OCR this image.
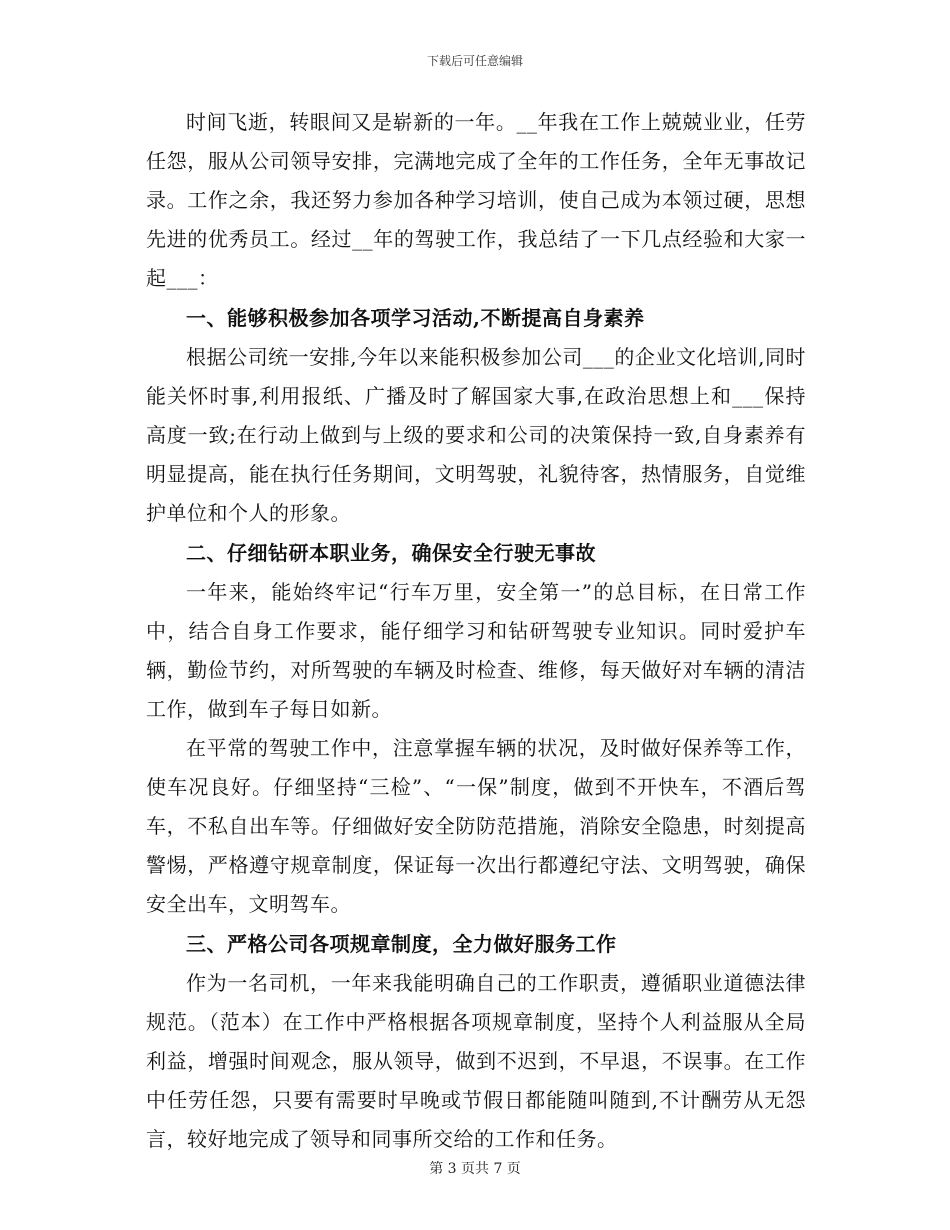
下载后可任意编辑

时间飞逝，转眼间又是崭新的一年。__年我在工作上兢兢业业，任劳任怨，服从公司领导安排，完满地完成了全年的工作任务，全年无事故记录。工作之余，我还努力参加各种学习培训，使自己成为本领过硬，思想先进的优秀员工。经过__年的驾驶工作，我总结了一下几点经验和大家一起___：

一、能够积极参加各项学习活动,不断提高自身素养

根据公司统一安排,今年以来能积极参加公司___的企业文化培训,同时能关怀时事,利用报纸、广播及时了解国家大事,在政治思想上和___保持高度一致;在行动上做到与上级的要求和公司的决策保持一致,自身素养有明显提高，能在执行任务期间，文明驾驶，礼貌待客，热情服务，自觉维护单位和个人的形象。

二、仔细钻研本职业务，确保安全行驶无事故

一年来，能始终牢记“行车万里，安全第一”的总目标，在日常工作中，结合自身工作要求，能仔细学习和钻研驾驶专业知识。同时爱护车辆，勤俭节约，对所驾驶的车辆及时检查、维修，每天做好对车辆的清洁工作，做到车子每日如新。

在平常的驾驶工作中，注意掌握车辆的状况，及时做好保养等工作，使车况良好。仔细坚持“三检”、“一保”制度，做到不开快车，不酒后驾车，不私自出车等。仔细做好安全防防范措施，消除安全隐患，时刻提高警惕，严格遵守规章制度，保证每一次出行都遵纪守法、文明驾驶，确保安全出车，文明驾车。

三、严格公司各项规章制度，全力做好服务工作

作为一名司机，一年来我能明确自己的工作职责，遵循职业道德法律规范。（范本）在工作中严格根据各项规章制度，坚持个人利益服从全局利益，增强时间观念，服从领导，做到不迟到，不早退，不误事。在工作中任劳任怨，只要有需要时早晚或节假日都能随叫随到,不计酬劳从无怨言，较好地完成了领导和同事所交给的工作和任务。

第 3 页共 7 页
